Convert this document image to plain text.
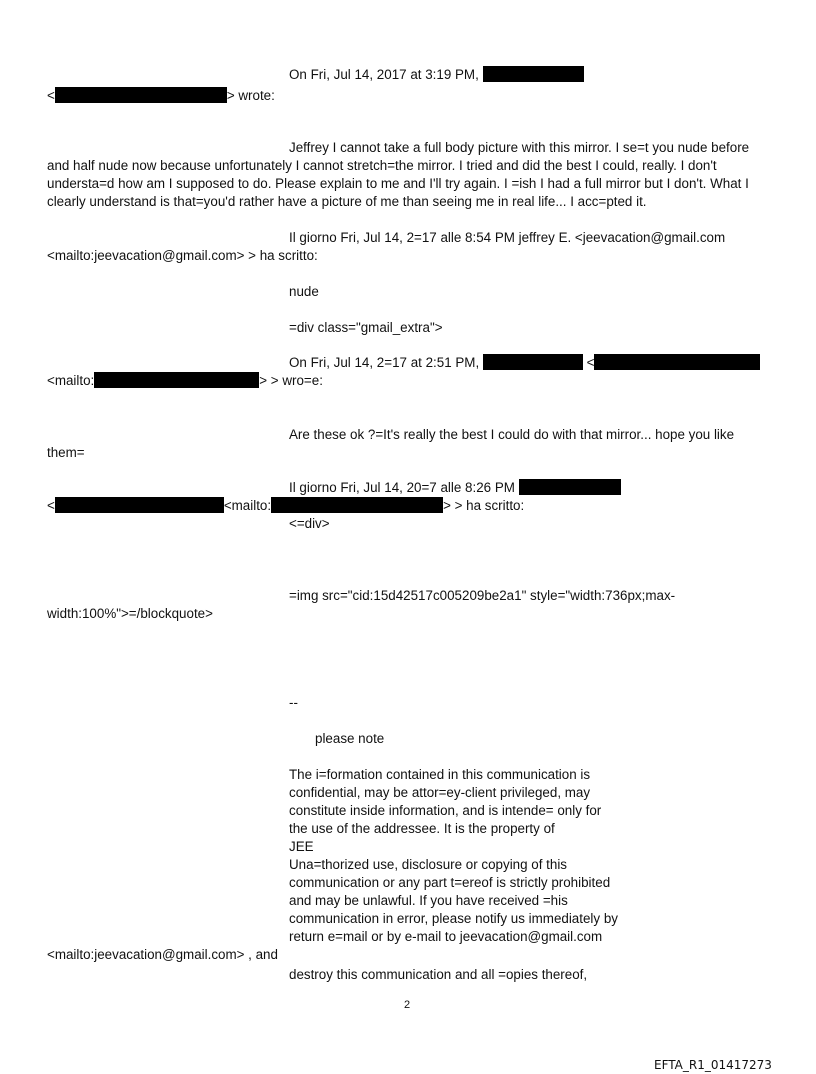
On Fri, Jul 14, 2017 at 3:19 PM,
<	> wrote:
Jeffrey I cannot take a full body picture with this mirror. I se=t you nude before
and half nude now because unfortunately I cannot stretch=the mirror. I tried and did the best I could, really. I don't
understa=d how am I supposed to do. Please explain to me and I'll try again. I =ish I had a full mirror but I don't. What I
clearly understand is that=you'd rather have a picture of me than seeing me in real life... I acc=pted it.
Il giorno Fri, Jul 14, 2=17 alle 8:54 PM jeffrey E. <jeevacation@gmail.com
<mailto:jeevacation@gmail.com> > ha scritto:
nude
=div class="gmail_extra">
On Fri, Jul 14, 2=17 at 2:51 PM,	<
<mailto:	> > wro=e:
Are these ok ?=It's really the best I could do with that mirror... hope you like
them=
Il giorno Fri, Jul 14, 20=7 alle 8:26 PM
<	<mailto:	> > ha scritto:
<=div>
=img src="cid:15d42517c005209be2a1" style="width:736px;max-
width:100%">=/blockquote>
--
please note
The i=formation contained in this communication is
confidential, may be attor=ey-client privileged, may
constitute inside information, and is intende= only for
the use of the addressee. It is the property of
JEE
Una=thorized use, disclosure or copying of this
communication or any part t=ereof is strictly prohibited
and may be unlawful. If you have received =his
communication in error, please notify us immediately by
return e=mail or by e-mail to jeevacation@gmail.com
<mailto:jeevacation@gmail.com> , and
destroy this communication and all =opies thereof,
2
EFTA_R1_01417273
